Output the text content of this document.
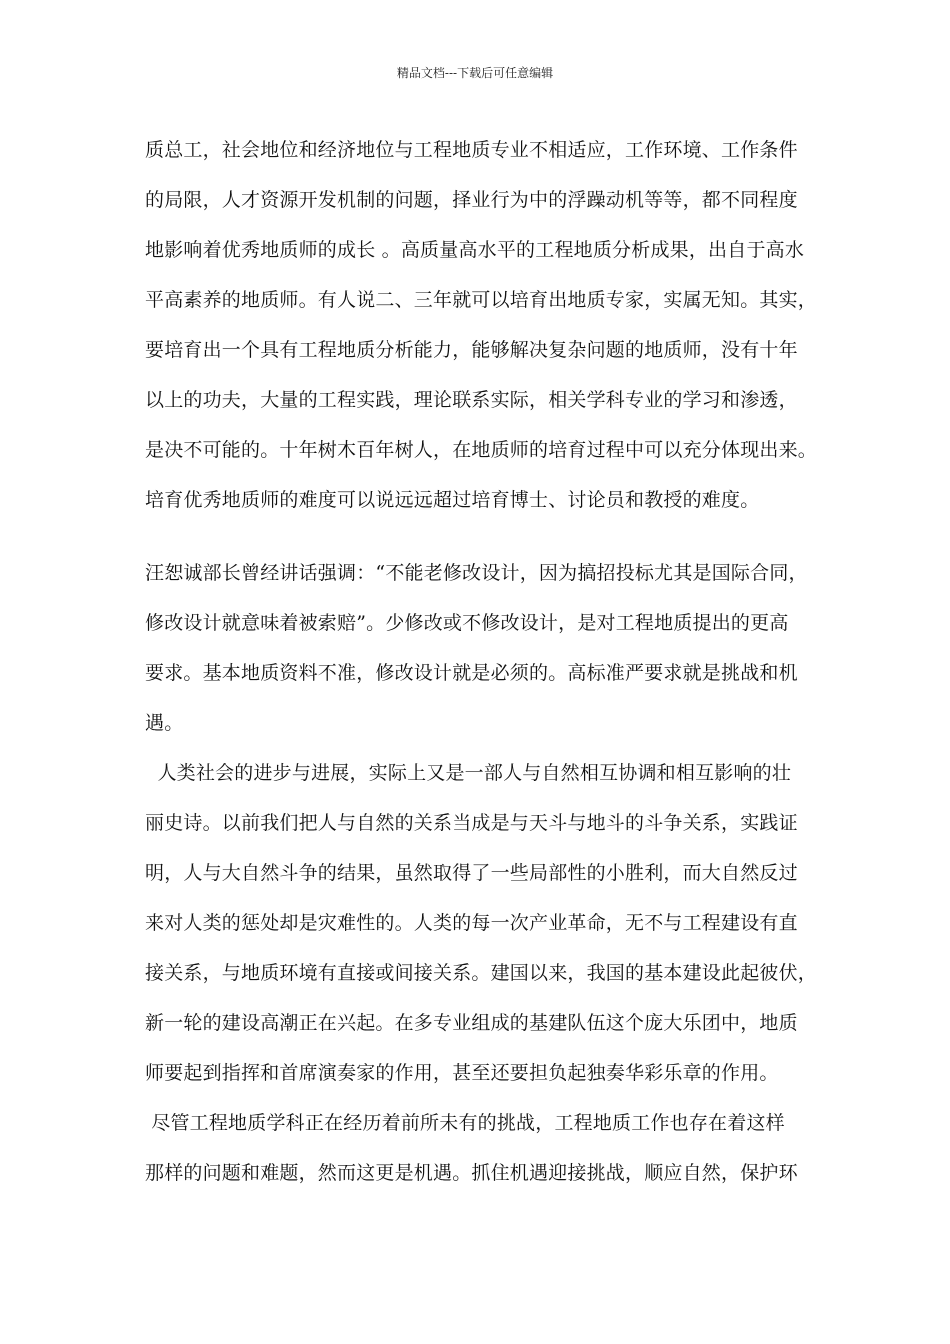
精品文档---下载后可任意编辑
质总工，社会地位和经济地位与工程地质专业不相适应，工作环境、工作条件
的局限，人才资源开发机制的问题，择业行为中的浮躁动机等等，都不同程度
地影响着优秀地质师的成长 。高质量高水平的工程地质分析成果，出自于高水
平高素养的地质师。有人说二、三年就可以培育出地质专家，实属无知。其实，
要培育出一个具有工程地质分析能力，能够解决复杂问题的地质师，没有十年
以上的功夫，大量的工程实践，理论联系实际，相关学科专业的学习和渗透，
是决不可能的。十年树木百年树人，在地质师的培育过程中可以充分体现出来。
培育优秀地质师的难度可以说远远超过培育博士、讨论员和教授的难度。
汪恕诚部长曾经讲话强调：“不能老修改设计，因为搞招投标尤其是国际合同，
修改设计就意味着被索赔”。少修改或不修改设计，是对工程地质提出的更高
要求。基本地质资料不准，修改设计就是必须的。高标准严要求就是挑战和机
遇。
人类社会的进步与进展，实际上又是一部人与自然相互协调和相互影响的壮
丽史诗。以前我们把人与自然的关系当成是与天斗与地斗的斗争关系，实践证
明，人与大自然斗争的结果，虽然取得了一些局部性的小胜利，而大自然反过
来对人类的惩处却是灾难性的。人类的每一次产业革命，无不与工程建设有直
接关系，与地质环境有直接或间接关系。建国以来，我国的基本建设此起彼伏，
新一轮的建设高潮正在兴起。在多专业组成的基建队伍这个庞大乐团中，地质
师要起到指挥和首席演奏家的作用，甚至还要担负起独奏华彩乐章的作用。
尽管工程地质学科正在经历着前所未有的挑战，工程地质工作也存在着这样
那样的问题和难题，然而这更是机遇。抓住机遇迎接挑战，顺应自然，保护环
